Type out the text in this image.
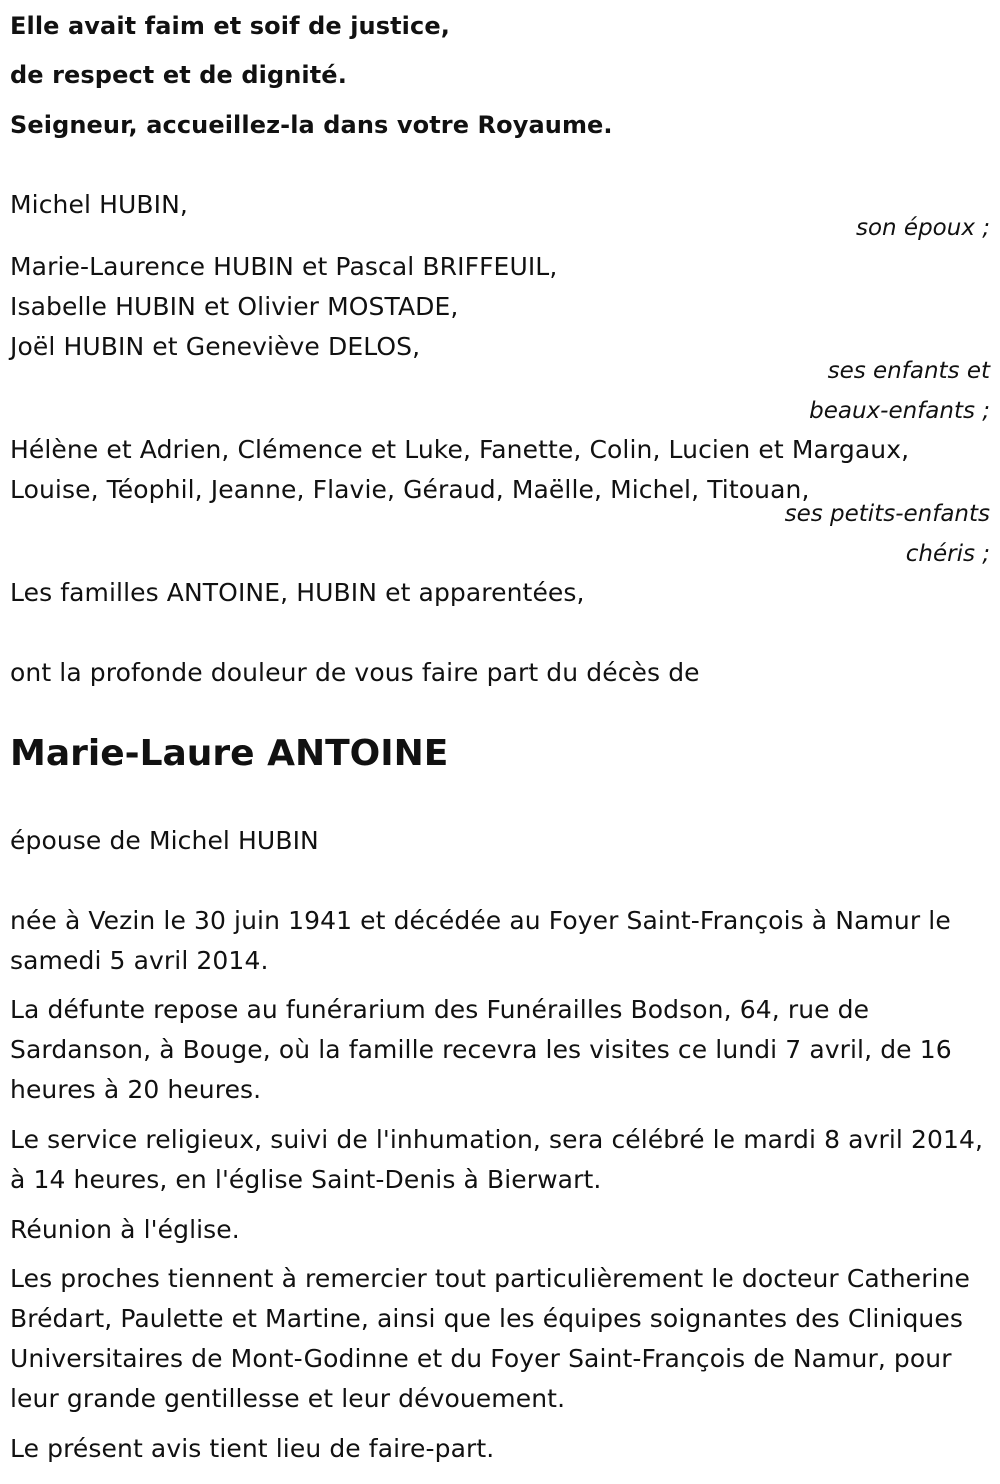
Elle avait faim et soif de justice,
de respect et de dignité.
Seigneur, accueillez-la dans votre Royaume.
Michel HUBIN,
son époux ;
Marie-Laurence HUBIN et Pascal BRIFFEUIL,
Isabelle HUBIN et Olivier MOSTADE,
Joël HUBIN et Geneviève DELOS,
ses enfants et
beaux-enfants ;
Hélène et Adrien, Clémence et Luke, Fanette, Colin, Lucien et Margaux,
Louise, Téophil, Jeanne, Flavie, Géraud, Maëlle, Michel, Titouan,
ses petits-enfants
chéris ;
Les familles ANTOINE, HUBIN et apparentées,
ont la profonde douleur de vous faire part du décès de
Marie-Laure ANTOINE
épouse de Michel HUBIN
née à Vezin le 30 juin 1941 et décédée au Foyer Saint-François à Namur le samedi 5 avril 2014.
La défunte repose au funérarium des Funérailles Bodson, 64, rue de Sardanson, à Bouge, où la famille recevra les visites ce lundi 7 avril, de 16 heures à 20 heures.
Le service religieux, suivi de l'inhumation, sera célébré le mardi 8 avril 2014, à 14 heures, en l'église Saint-Denis à Bierwart.
Réunion à l'église.
Les proches tiennent à remercier tout particulièrement le docteur Catherine Brédart, Paulette et Martine, ainsi que les équipes soignantes des Cliniques Universitaires de Mont-Godinne et du Foyer Saint-François de Namur, pour leur grande gentillesse et leur dévouement.
Le présent avis tient lieu de faire-part.
